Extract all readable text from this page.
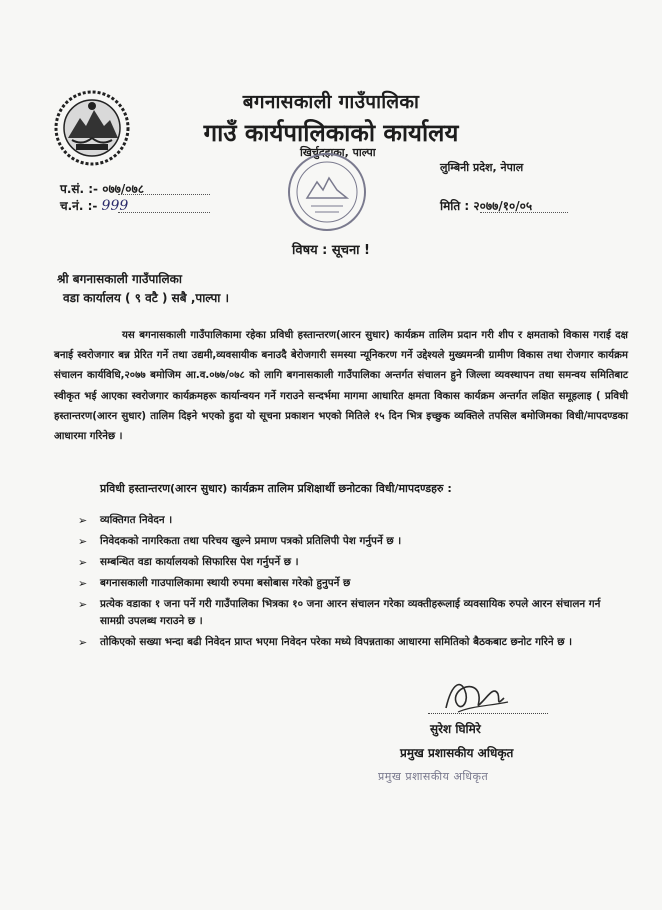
बगनासकाली गाउँपालिका
गाउँ कार्यपालिकाको कार्यालय
खिर्चुदहाका, पाल्पा
लुम्बिनी प्रदेश, नेपाल
प.सं. :- ०७७/०७८
च.नं. :- 999	मिति : २०७७/१०/०५
विषय : सूचना !
श्री बगनासकाली गाउँपालिका
वडा कार्यालय ( ९ वटै ) सबै ,पाल्पा ।
यस बगनासकाली गाउँपालिकामा रहेका प्रविधी हस्तान्तरण(आरन सुधार) कार्यक्रम तालिम प्रदान गरी शीप र क्षमताको विकास गराई दक्ष बनाई स्वरोजगार बन्न प्रेरित गर्ने तथा उद्यमी,व्यवसायीक बनाउदै बेरोजगारी समस्या न्यूनिकरण गर्ने उद्देश्यले मुख्यमन्त्री ग्रामीण विकास तथा रोजगार कार्यक्रम संचालन कार्यविधि,२०७७ बमोजिम आ.व.०७७/०७८ को लागि बगनासकाली गाउँपालिका अन्तर्गत संचालन हुने जिल्ला व्यवस्थापन तथा समन्वय समितिबाट स्वीकृत भई आएका स्वरोजगार कार्यक्रमहरू कार्यान्वयन गर्ने गराउने सन्दर्भमा मागमा आधारित क्षमता विकास कार्यक्रम अन्तर्गत लक्षित समूहलाइ ( प्रविधी हस्तान्तरण(आरन सुधार) तालिम दिइने भएको हुदा यो सूचना प्रकाशन भएको मितिले १५ दिन भित्र इच्छुक व्यक्तिले तपसिल बमोजिमका विधी/मापदण्डका आधारमा गरिनेछ ।
प्रविधी हस्तान्तरण(आरन सुधार) कार्यक्रम तालिम प्रशिक्षार्थी छनोटका विधी/मापदण्डहरु :
➢ व्यक्तिगत निवेदन ।
➢ निवेदकको नागरिकता तथा परिचय खुल्ने प्रमाण पत्रको प्रतिलिपी पेश गर्नुपर्ने छ ।
➢ सम्बन्धित वडा कार्यालयको सिफारिस पेश गर्नुपर्ने छ ।
➢ बगनासकाली गाउपालिकामा स्थायी रुपमा बसोबास गरेको हुनुपर्ने छ
➢ प्रत्येक वडाका १ जना पर्ने गरी गाउँपालिका भित्रका १० जना आरन संचालन गरेका व्यक्तीहरूलाई व्यवसायिक रुपले आरन संचालन गर्न सामग्री उपलब्ध गराउने छ ।
➢ तोकिएको सख्या भन्दा बढी निवेदन प्राप्त भएमा निवेदन परेका मध्ये विपन्नताका आधारमा समितिको बैठकबाट छनोट गरिने छ ।
सुरेश घिमिरे
प्रमुख प्रशासकीय अधिकृत
प्रमुख प्रशासकीय अधिकृत
